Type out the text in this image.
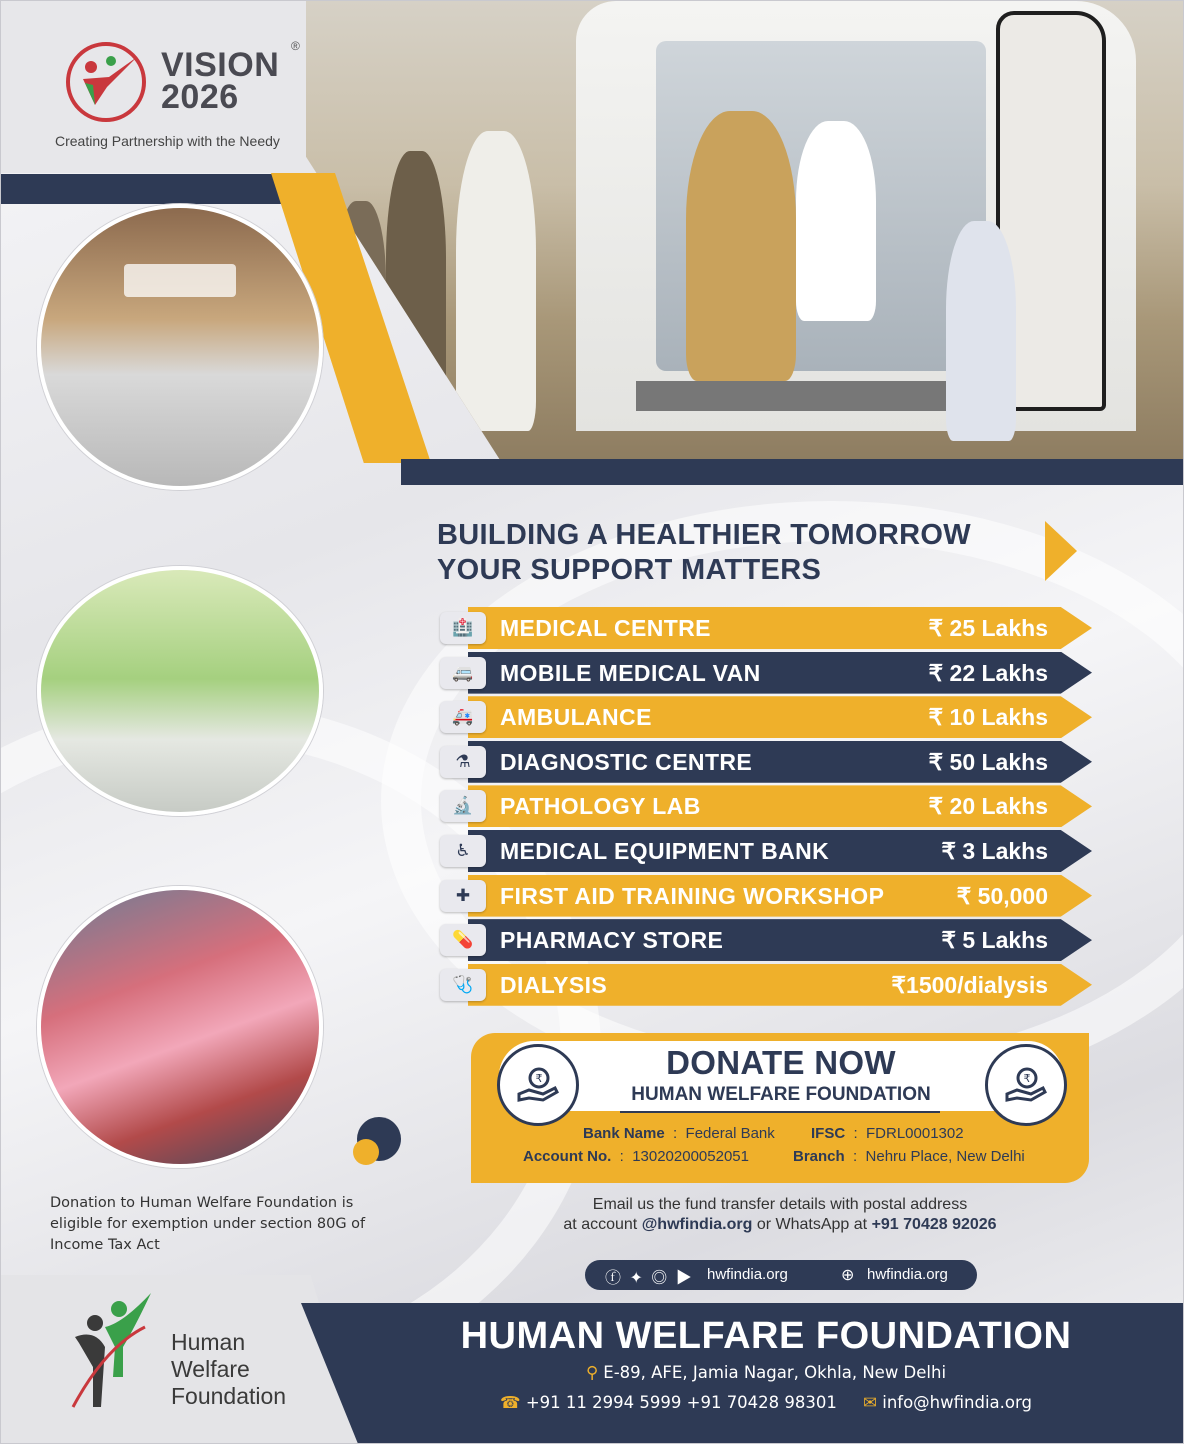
VISION
2026
®
Creating Partnership with the Needy
BUILDING A HEALTHIER TOMORROW
YOUR SUPPORT MATTERS
🏥	MEDICAL CENTRE	₹ 25 Lakhs
🚐	MOBILE MEDICAL VAN	₹ 22 Lakhs
🚑	AMBULANCE	₹ 10 Lakhs
⚗	DIAGNOSTIC CENTRE	₹ 50 Lakhs
🔬	PATHOLOGY LAB	₹ 20 Lakhs
♿	MEDICAL EQUIPMENT BANK	₹ 3 Lakhs
✚	FIRST AID TRAINING WORKSHOP	₹ 50,000
💊	PHARMACY STORE	₹ 5 Lakhs
🩺	DIALYSIS	₹1500/dialysis
₹	₹
DONATE NOW
HUMAN WELFARE FOUNDATION
Bank Name  :  Federal Bank IFSC  :  FDRL0001302
Account No.  :  13020200052051	Branch  :  Nehru Place, New Delhi
Email us the fund transfer details with postal address
at account @hwfindia.org or WhatsApp at +91 70428 92026
ⓕ ✦ ◎ ▶ hwfindia.org	⊕ hwfindia.org
Donation to Human Welfare Foundation is eligible for exemption under section 80G of Income Tax Act
Human
Welfare
Foundation
HUMAN WELFARE FOUNDATION
⚲ E-89, AFE, Jamia Nagar, Okhla, New Delhi
☎ +91 11 2994 5999 +91 70428 98301 ✉ info@hwfindia.org
